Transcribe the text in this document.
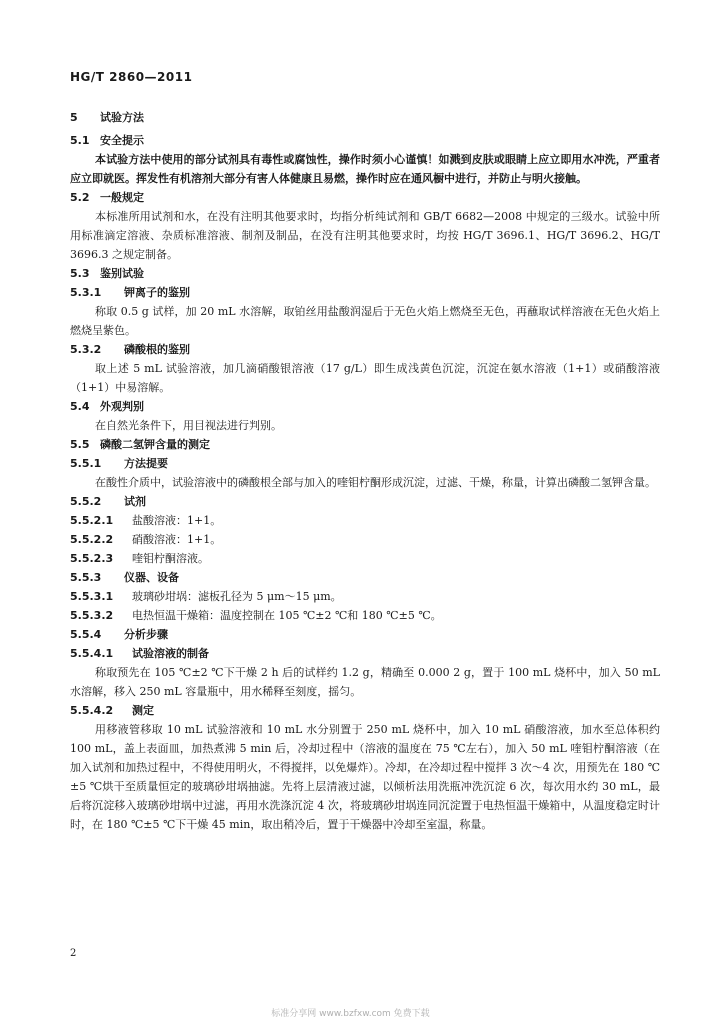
HG/T 2860—2011
5	试验方法
5.1 安全提示

本试验方法中使用的部分试剂具有毒性或腐蚀性，操作时须小心谨慎！如溅到皮肤或眼睛上应立即用水冲洗，严重者应立即就医。挥发性有机溶剂大部分有害人体健康且易燃，操作时应在通风橱中进行，并防止与明火接触。

5.2 一般规定

本标准所用试剂和水，在没有注明其他要求时，均指分析纯试剂和 GB/T 6682—2008 中规定的三级水。试验中所用标准滴定溶液、杂质标准溶液、制剂及制品，在没有注明其他要求时，均按 HG/T 3696.1、HG/T 3696.2、HG/T 3696.3 之规定制备。

5.3 鉴别试验
5.3.1	钾离子的鉴别

称取 0.5 g 试样，加 20 mL 水溶解，取铂丝用盐酸润湿后于无色火焰上燃烧至无色，再蘸取试样溶液在无色火焰上燃烧呈紫色。

5.3.2	磷酸根的鉴别

取上述 5 mL 试验溶液，加几滴硝酸银溶液（17 g/L）即生成浅黄色沉淀，沉淀在氨水溶液（1+1）或硝酸溶液（1+1）中易溶解。

5.4 外观判别

在自然光条件下，用目视法进行判别。

5.5 磷酸二氢钾含量的测定
5.5.1	方法提要

在酸性介质中，试验溶液中的磷酸根全部与加入的喹钼柠酮形成沉淀，过滤、干燥，称量，计算出磷酸二氢钾含量。

5.5.2	试剂
5.5.2.1	盐酸溶液：1+1。
5.5.2.2	硝酸溶液：1+1。
5.5.2.3	喹钼柠酮溶液。
5.5.3	仪器、设备
5.5.3.1	玻璃砂坩埚：滤板孔径为 5 μm～15 μm。
5.5.3.2	电热恒温干燥箱：温度控制在 105 ℃±2 ℃和 180 ℃±5 ℃。
5.5.4	分析步骤
5.5.4.1	试验溶液的制备

称取预先在 105 ℃±2 ℃下干燥 2 h 后的试样约 1.2 g，精确至 0.000 2 g，置于 100 mL 烧杯中，加入 50 mL 水溶解，移入 250 mL 容量瓶中，用水稀释至刻度，摇匀。

5.5.4.2	测定

用移液管移取 10 mL 试验溶液和 10 mL 水分别置于 250 mL 烧杯中，加入 10 mL 硝酸溶液，加水至总体积约 100 mL，盖上表面皿，加热煮沸 5 min 后，冷却过程中（溶液的温度在 75 ℃左右），加入 50 mL 喹钼柠酮溶液（在加入试剂和加热过程中，不得使用明火，不得搅拌，以免爆炸）。冷却，在冷却过程中搅拌 3 次～4 次，用预先在 180 ℃±5 ℃烘干至质量恒定的玻璃砂坩埚抽滤。先将上层清液过滤，以倾析法用洗瓶冲洗沉淀 6 次，每次用水约 30 mL，最后将沉淀移入玻璃砂坩埚中过滤，再用水洗涤沉淀 4 次，将玻璃砂坩埚连同沉淀置于电热恒温干燥箱中，从温度稳定时计时，在 180 ℃±5 ℃下干燥 45 min，取出稍冷后，置于干燥器中冷却至室温，称量。

2
标准分享网 www.bzfxw.com 免费下载
